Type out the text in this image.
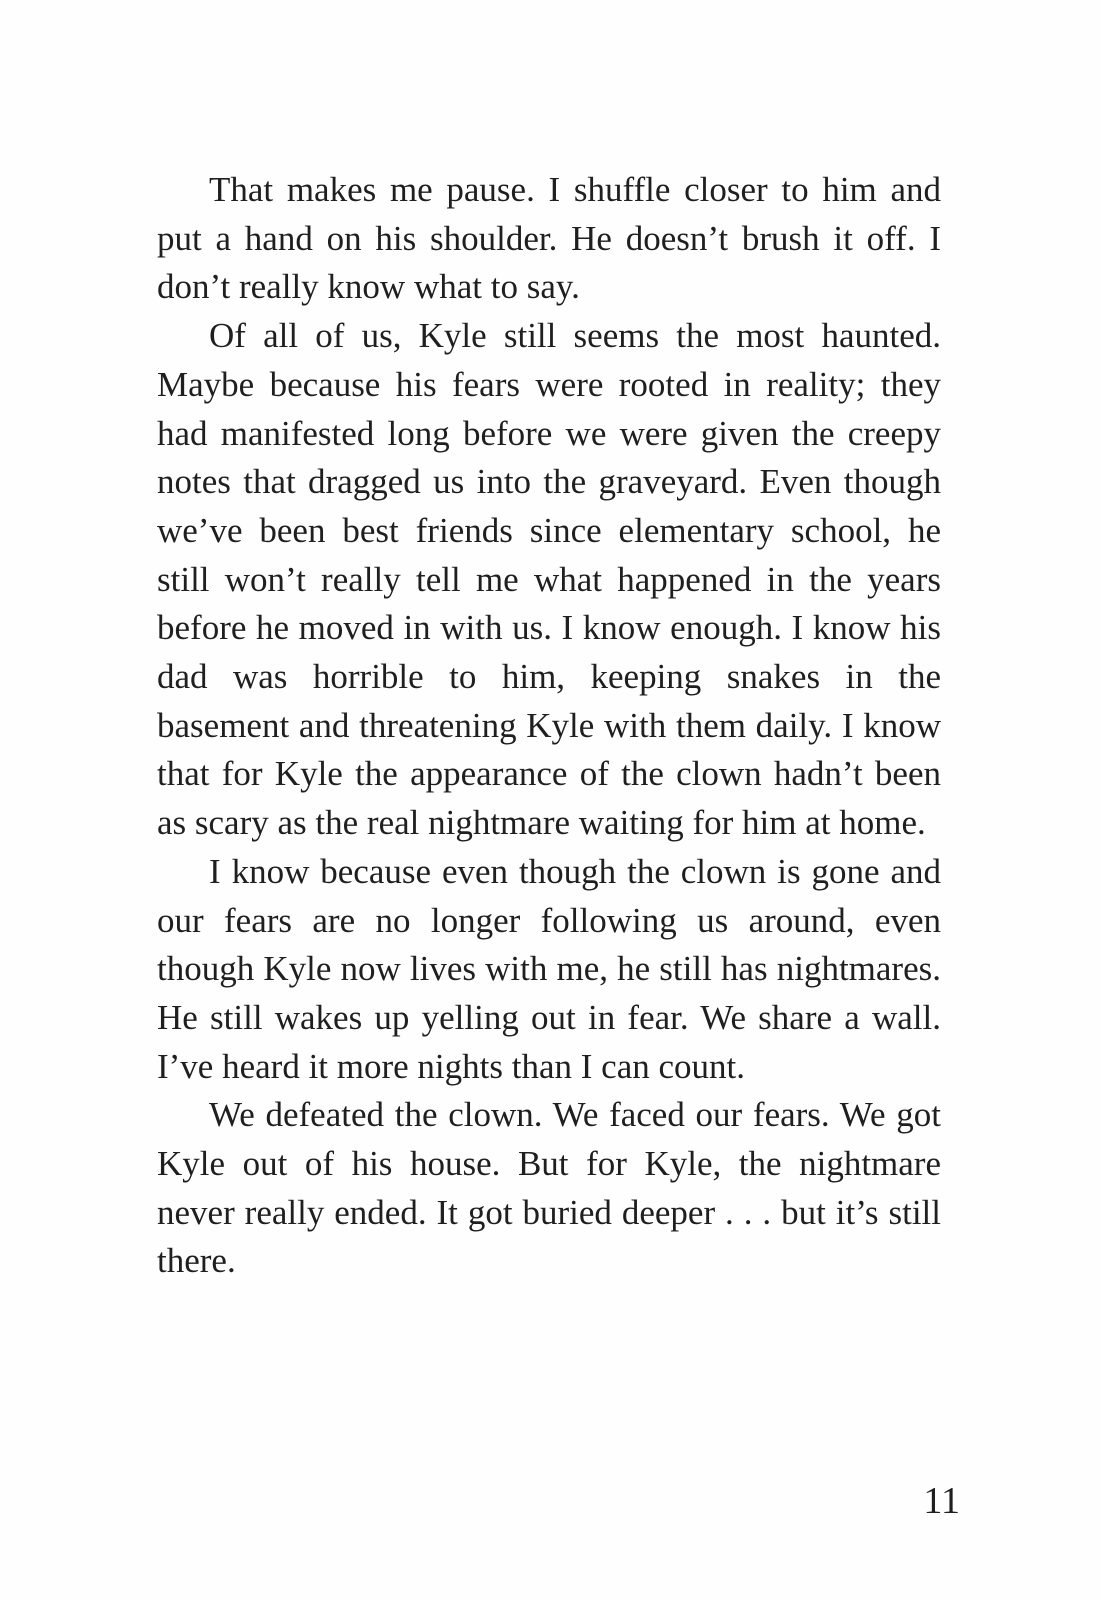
That makes me pause. I shuffle closer to him and put a hand on his shoulder. He doesn’t brush it off. I don’t really know what to say.

Of all of us, Kyle still seems the most haunted. Maybe because his fears were rooted in reality; they had manifested long before we were given the creepy notes that dragged us into the graveyard. Even though we’ve been best friends since elementary school, he still won’t really tell me what happened in the years before he moved in with us. I know enough. I know his dad was horrible to him, keeping snakes in the basement and threatening Kyle with them daily. I know that for Kyle the appearance of the clown hadn’t been as scary as the real nightmare waiting for him at home.

I know because even though the clown is gone and our fears are no longer following us around, even though Kyle now lives with me, he still has nightmares. He still wakes up yelling out in fear. We share a wall. I’ve heard it more nights than I can count.

We defeated the clown. We faced our fears. We got Kyle out of his house. But for Kyle, the nightmare never really ended. It got buried deeper . . . but it’s still there.

11
